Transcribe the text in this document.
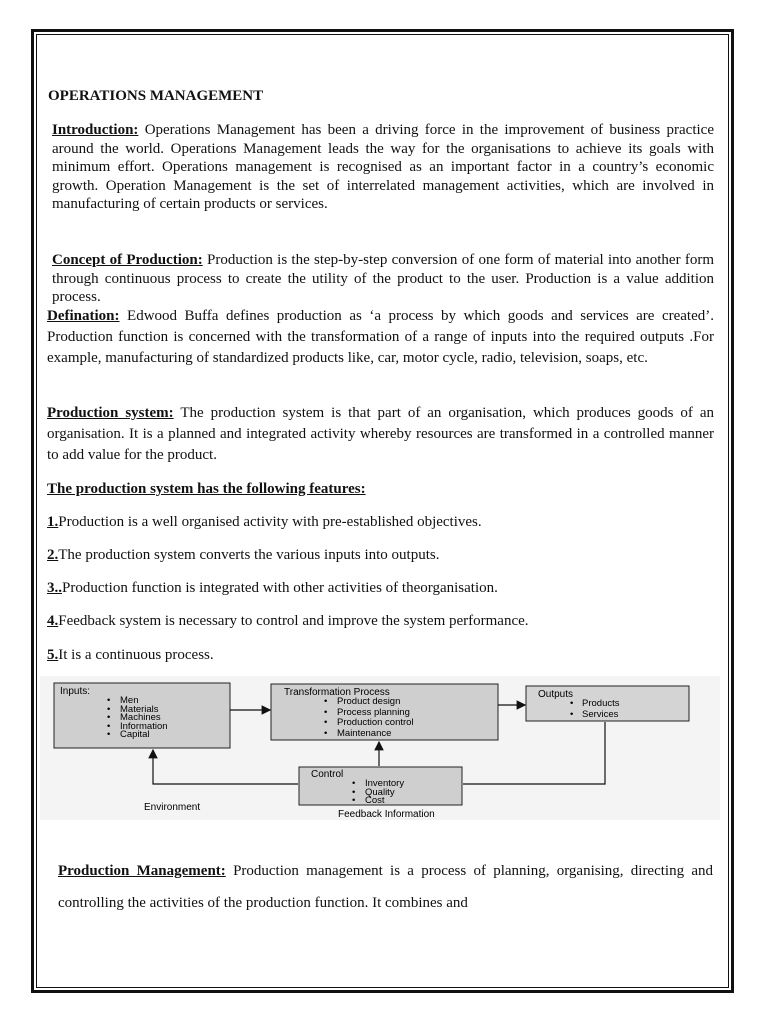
OPERATIONS MANAGEMENT
Introduction: Operations Management has been a driving force in the improvement of business practice around the world. Operations Management leads the way for the organisations to achieve its goals with minimum effort. Operations management is recognised as an important factor in a country’s economic growth. Operation Management is the set of interrelated management activities, which are involved in manufacturing of certain products or services.
Concept of Production: Production is the step-by-step conversion of one form of material into another form through continuous process to create the utility of the product to the user. Production is a value addition process.
Defination: Edwood Buffa defines production as ‘a process by which goods and services are created’. Production function is concerned with the transformation of a range of inputs into the required outputs .For example, manufacturing of standardized products like, car, motor cycle, radio, television, soaps, etc.
Production system: The production system is that part of an organisation, which produces goods of an organisation. It is a planned and integrated activity whereby resources are transformed in a controlled manner to add value for the product.
The production system has the following features:
1.Production is a well organised activity with pre-established objectives.
2.The production system converts the various inputs into outputs.
3..Production function is integrated with other activities of theorganisation.
4.Feedback system is necessary to control and improve the system performance.
5.It is a continuous process.
Inputs:
• Men
• Materials
• Machines
• Information
• Capital
Transformation Process
• Product design
• Process planning
• Production control
• Maintenance
Outputs
• Products
• Services
Control
• Inventory
• Quality
• Cost
Environment
Feedback Information
Production Management: Production management is a process of planning, organising, directing and controlling the activities of the production function. It combines and
